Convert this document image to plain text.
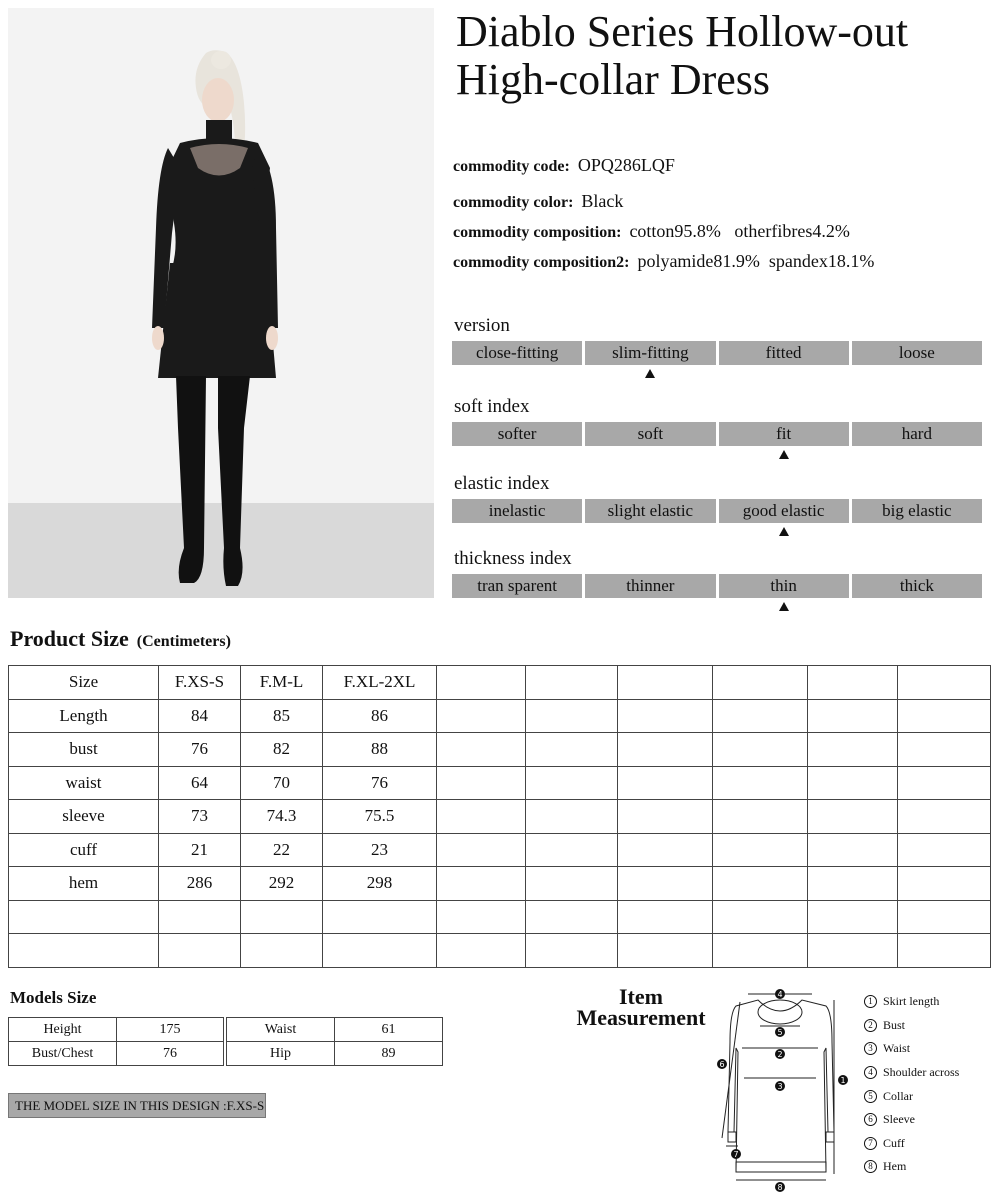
Diablo Series Hollow-out
High-collar Dress
commodity code: OPQ286LQF
commodity color: Black
commodity composition: cotton95.8%   otherfibres4.2%
commodity composition2: polyamide81.9%  spandex18.1%
version
close-fitting	slim-fitting	fitted	loose
soft index
softer	soft	fit	hard
elastic index
inelastic	slight elastic	good elastic	big elastic
thickness index
tran sparent	thinner	thin	thick
Product Size (Centimeters)
Size	F.XS-S	F.M-L	F.XL-2XL						
Length	84	85	86						
bust	76	82	88						
waist	64	70	76						
sleeve	73	74.3	75.5						
cuff	21	22	23						
hem	286	292	298						

Models Size
Height	175
Bust/Chest	76
Waist	61
Hip	89
THE MODEL SIZE IN THIS DESIGN :F.XS-S
Item
Measurement
4
5
2
3
1
6
7
8
1 Skirt length
2 Bust
3 Waist
4 Shoulder across
5 Collar
6 Sleeve
7 Cuff
8 Hem
